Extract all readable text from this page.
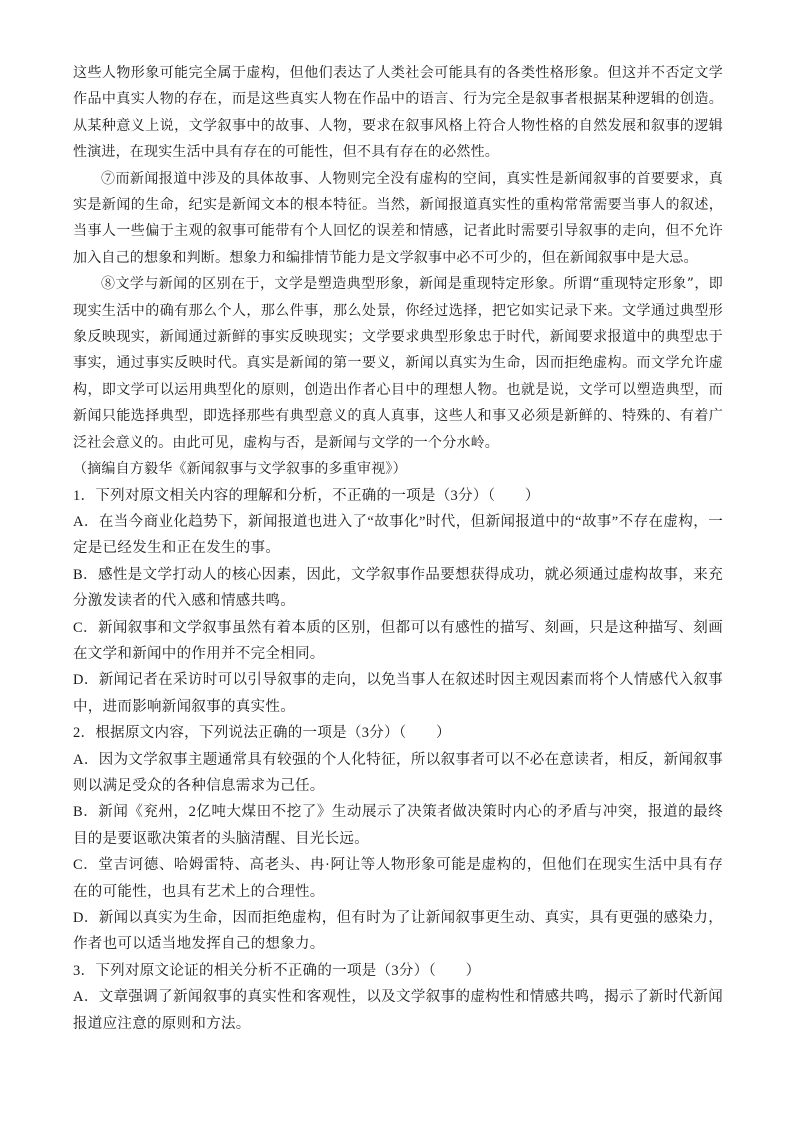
这些人物形象可能完全属于虚构，但他们表达了人类社会可能具有的各类性格形象。但这并不否定文学作品中真实人物的存在，而是这些真实人物在作品中的语言、行为完全是叙事者根据某种逻辑的创造。从某种意义上说，文学叙事中的故事、人物，要求在叙事风格上符合人物性格的自然发展和叙事的逻辑性演进，在现实生活中具有存在的可能性，但不具有存在的必然性。

⑦而新闻报道中涉及的具体故事、人物则完全没有虚构的空间，真实性是新闻叙事的首要要求，真实是新闻的生命，纪实是新闻文本的根本特征。当然，新闻报道真实性的重构常常需要当事人的叙述，当事人一些偏于主观的叙事可能带有个人回忆的误差和情感，记者此时需要引导叙事的走向，但不允许加入自己的想象和判断。想象力和编排情节能力是文学叙事中必不可少的，但在新闻叙事中是大忌。

⑧文学与新闻的区别在于，文学是塑造典型形象，新闻是重现特定形象。所谓“重现特定形象”，即现实生活中的确有那么个人，那么件事，那么处景，你经过选择，把它如实记录下来。文学通过典型形象反映现实，新闻通过新鲜的事实反映现实；文学要求典型形象忠于时代，新闻要求报道中的典型忠于事实，通过事实反映时代。真实是新闻的第一要义，新闻以真实为生命，因而拒绝虚构。而文学允许虚构，即文学可以运用典型化的原则，创造出作者心目中的理想人物。也就是说，文学可以塑造典型，而新闻只能选择典型，即选择那些有典型意义的真人真事，这些人和事又必须是新鲜的、特殊的、有着广泛社会意义的。由此可见，虚构与否，是新闻与文学的一个分水岭。

（摘编自方毅华《新闻叙事与文学叙事的多重审视》）

1．下列对原文相关内容的理解和分析，不正确的一项是（3分）（　　）

A．在当今商业化趋势下，新闻报道也进入了“故事化”时代，但新闻报道中的“故事”不存在虚构，一定是已经发生和正在发生的事。

B．感性是文学打动人的核心因素，因此，文学叙事作品要想获得成功，就必须通过虚构故事，来充分激发读者的代入感和情感共鸣。

C．新闻叙事和文学叙事虽然有着本质的区别，但都可以有感性的描写、刻画，只是这种描写、刻画在文学和新闻中的作用并不完全相同。

D．新闻记者在采访时可以引导叙事的走向，以免当事人在叙述时因主观因素而将个人情感代入叙事中，进而影响新闻叙事的真实性。

2．根据原文内容，下列说法正确的一项是（3分）（　　）

A．因为文学叙事主题通常具有较强的个人化特征，所以叙事者可以不必在意读者，相反，新闻叙事则以满足受众的各种信息需求为己任。

B．新闻《兖州，2亿吨大煤田不挖了》生动展示了决策者做决策时内心的矛盾与冲突，报道的最终目的是要讴歌决策者的头脑清醒、目光长远。

C．堂吉诃德、哈姆雷特、高老头、冉·阿让等人物形象可能是虚构的，但他们在现实生活中具有存在的可能性，也具有艺术上的合理性。

D．新闻以真实为生命，因而拒绝虚构，但有时为了让新闻叙事更生动、真实，具有更强的感染力，作者也可以适当地发挥自己的想象力。

3．下列对原文论证的相关分析不正确的一项是（3分）（　　）

A．文章强调了新闻叙事的真实性和客观性，以及文学叙事的虚构性和情感共鸣，揭示了新时代新闻报道应注意的原则和方法。
